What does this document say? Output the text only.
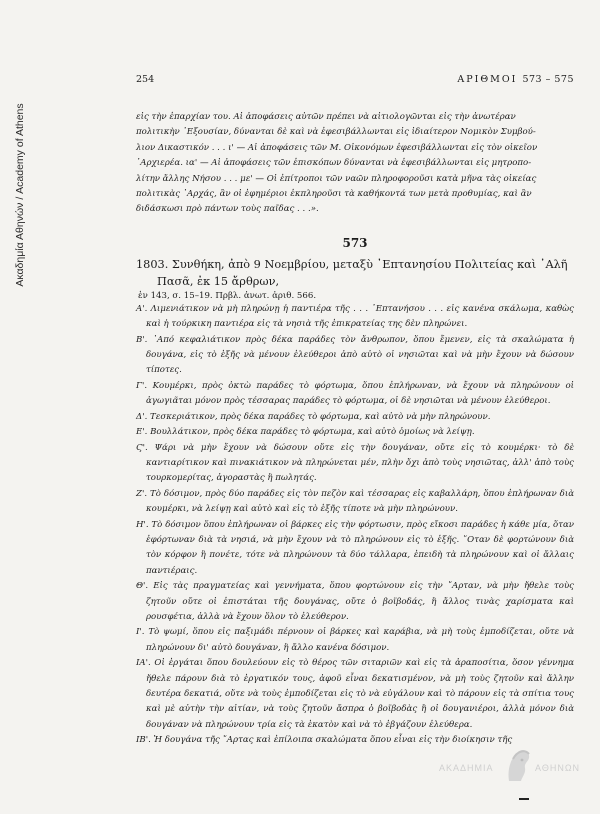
Ακαδημία Αθηνών / Academy of Athens
254	ΑΡΙΘΜΟΙ 573 – 575

εἰς τὴν ἐπαρχίαν του. Αἱ ἀποφάσεις αὐτῶν πρέπει νὰ αἰτιολογῶνται εἰς τὴν ἀνωτέραν

πολιτικὴν ᾿Εξουσίαν, δύνανται δὲ καὶ νὰ ἐφεσιβάλλωνται εἰς ἰδιαίτερον Νομικὸν Συμβού-

λιον Δικαστικόν . . . ι' — Αἱ ἀποφάσεις τῶν Μ. Οἰκονόμων ἐφεσιβάλλωνται εἰς τὸν οἰκεῖον

᾿Αρχιερέα. ια' — Αἱ ἀποφάσεις τῶν ἐπισκόπων δύνανται νὰ ἐφεσιβάλλωνται εἰς μητροπο-

λίτην ἄλλης Νήσου . . . με' — Οἱ ἐπίτροποι τῶν ναῶν πληροφοροῦσι κατὰ μῆνα τὰς οἰκείας

πολιτικὰς ᾿Αρχάς, ἂν οἱ ἐφημέριοι ἐκπληροῦσι τὰ καθήκοντά των μετὰ προθυμίας, καὶ ἂν

διδάσκωσι πρὸ πάντων τοὺς παῖδας . . .».

573

1803. Συνθήκη, ἀπὸ 9 Νοεμβρίου, μεταξὺ ᾿Επτανησίου Πολιτείας καὶ ᾿Αλῆ Πασᾶ, ἐκ 15 ἄρθρων,

ἐν 143, σ. 15–19. Πρβλ. ἀνωτ. ἀριθ. 566.

Α'. Λιμενιάτικον νὰ μὴ πληρώνῃ ἡ παντιέρα τῆς . . . ᾿Επτανήσου . . . εἰς κανένα σκάλωμα, καθὼς καὶ ἡ τούρκικη παντιέρα εἰς τὰ νησιὰ τῆς ἐπικρατείας της δὲν πληρώνει.

Β'. ᾿Από κεφαλιάτικον πρὸς δέκα παράδες τὸν ἄνθρωπον, ὅπου ἔμενεν, εἰς τὰ σκαλώματα ἡ δουγάνα, εἰς τὸ ἑξῆς νὰ μένουν ἐλεύθεροι ἀπὸ αὐτὸ οἱ νησιῶται καὶ νὰ μὴν ἔχουν νὰ δώσουν τίποτες.

Γ'. Κουμέρκι, πρὸς ὀκτὼ παράδες τὸ φόρτωμα, ὅπου ἐπλήρωναν, νὰ ἔχουν νὰ πληρώνουν οἱ ἀγωγιᾶται μόνον πρὸς τέσσαρας παράδες τὸ φόρτωμα, οἱ δὲ νησιῶται νὰ μένουν ἐλεύθεροι.

Δ'. Τεσκεριάτικον, πρὸς δέκα παράδες τὸ φόρτωμα, καὶ αὐτὸ νὰ μὴν πληρώνουν.

Ε'. Βουλλάτικον, πρὸς δέκα παράδες τὸ φόρτωμα, καὶ αὐτὸ ὁμοίως νὰ λείψῃ.

Ϛ'. Ψάρι νὰ μὴν ἔχουν νὰ δώσουν οὔτε εἰς τὴν δουγάναν, οὔτε εἰς τὸ κουμέρκι· τὸ δὲ καντιαρίτικον καὶ πινακιάτικον νὰ πληρώνεται μέν, πλὴν ὄχι ἀπὸ τοὺς νησιῶτας, ἀλλ' ἀπὸ τοὺς τουρκομερίτας, ἀγοραστὰς ἢ πωλητάς.

Ζ'. Τὸ δόσιμον, πρὸς δύο παράδες εἰς τὸν πεζὸν καὶ τέσσαρας εἰς καβαλλάρη, ὅπου ἐπλήρωναν διὰ κουμέρκι, νὰ λείψῃ καὶ αὐτὸ καὶ εἰς τὸ ἑξῆς τίποτε νὰ μὴν πληρώνουν.

Η'. Τὸ δόσιμον ὅπου ἐπλήρωναν οἱ βάρκες εἰς τὴν φόρτωσιν, πρὸς εἴκοσι παράδες ἡ κάθε μία, ὅταν ἐφόρτωναν διὰ τὰ νησιά, νὰ μὴν ἔχουν νὰ τὸ πληρώνουν εἰς τὸ ἑξῆς. ῞Οταν δὲ φορτώνουν διὰ τὸν κόρφον ἢ πονέτε, τότε νὰ πληρώνουν τὰ δύο τάλλαρα, ἐπειδὴ τὰ πληρώνουν καὶ οἱ ἄλλαις παντιέραις.

Θ'. Εἰς τὰς πραγματείας καὶ γεννήματα, ὅπου φορτώνουν εἰς τὴν ῎Αρταν, νὰ μὴν ἤθελε τοὺς ζητοῦν οὔτε οἱ ἐπιστάται τῆς δουγάνας, οὔτε ὁ βοϊβοδάς, ἢ ἄλλος τινὰς χαρίσματα καὶ ρουσφέτια, ἀλλὰ νὰ ἔχουν ὅλον τὸ ἐλεύθερον.

Ι'. Τὸ ψωμί, ὅπου εἰς παξιμάδι πέρνουν οἱ βάρκες καὶ καράβια, νὰ μὴ τοὺς ἐμποδίζεται, οὔτε νὰ πληρώνουν δι' αὐτὸ δουγάναν, ἢ ἄλλο κανένα δόσιμον.

ΙΑ'. Οἱ ἐργάται ὅπου δουλεύουν εἰς τὸ θέρος τῶν σιταριῶν καὶ εἰς τὰ ἀραποσίτια, ὅσον γέννημα ἤθελε πάρουν διὰ τὸ ἐργατικόν τους, ἀφοῦ εἶναι δεκατισμένον, νὰ μὴ τοὺς ζητοῦν καὶ ἄλλην δευτέρα δεκατιά, οὔτε νὰ τοὺς ἐμποδίζεται εἰς τὸ νὰ εὐγάλουν καὶ τὸ πάρουν εἰς τὰ σπίτια τους καὶ μὲ αὐτὴν τὴν αἰτίαν, νὰ τοὺς ζητοῦν ἄσπρα ὁ βοϊβοδὰς ἢ οἱ δουγανιέροι, ἀλλὰ μόνον διὰ δουγάναν νὰ πληρώνουν τρία εἰς τὰ ἑκατὸν καὶ νὰ τὸ ἐβγάζουν ἐλεύθερα.

ΙΒ'. Ἡ δουγάνα τῆς ῎Αρτας καὶ ἐπίλοιπα σκαλώματα ὅπου εἶναι εἰς τὴν διοίκησιν τῆς

ΑΚΑΔΗΜΙΑ	ΑΘΗΝΩΝ
